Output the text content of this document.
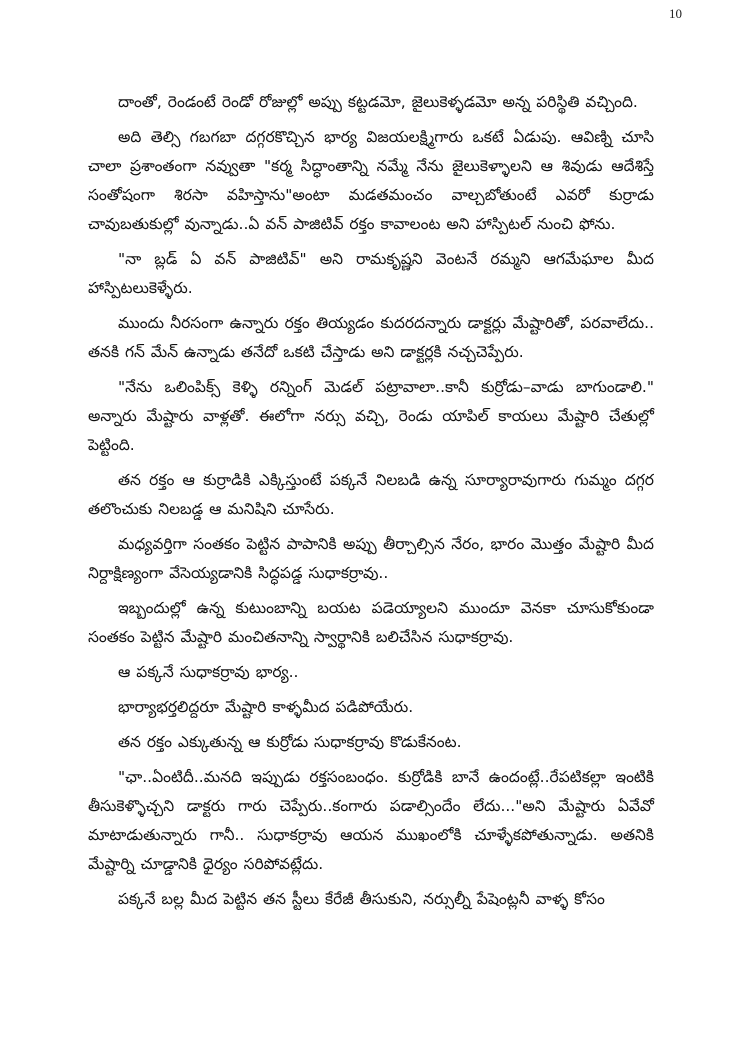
10

దాంతో, రెండంటే రెండో రోజుల్లో అప్పు కట్టడమో, జైలుకెళ్ళడమో అన్న పరిస్థితి వచ్చింది.

అది తెల్సి గబగబా దగ్గరకొచ్చిన భార్య విజయలక్ష్మిగారు ఒకటే ఏడుపు. ఆవిణ్ని చూసి చాలా ప్రశాంతంగా నవ్వుతా "కర్మ సిద్ధాంతాన్ని నమ్మే నేను జైలుకెళ్ళాలని ఆ శివుడు ఆదేశిస్తే సంతోషంగా శిరసా వహిస్తాను"అంటా మడతమంచం వాల్చబోతుంటే ఎవరో కుర్రాడు చావుబతుకుల్లో వున్నాడు..ఏ వన్ పాజిటివ్ రక్తం కావాలంట అని హాస్పిటల్ నుంచి ఫోను.

"నా బ్లడ్ ఏ వన్ పాజిటివ్" అని రామకృష్ణని వెంటనే రమ్మని ఆగమేఘాల మీద హాస్పిటలుకెళ్ళేరు.

ముందు నీరసంగా ఉన్నారు రక్తం తియ్యడం కుదరదన్నారు డాక్టర్లు మేష్టారితో, పరవాలేదు.. తనకి గన్ మేన్ ఉన్నాడు తనేదో ఒకటి చేస్తాడు అని డాక్టర్లకి నచ్చచెప్పేరు.

"నేను ఒలింపిక్స్ కెళ్ళి రన్నింగ్ మెడల్ పట్రావాలా..కానీ కుర్రోడు–వాడు బాగుండాలి." అన్నారు మేష్టారు వాళ్లతో. ఈలోగా నర్సు వచ్చి, రెండు యాపిల్ కాయలు మేష్టారి చేతుల్లో పెట్టింది.

తన రక్తం ఆ కుర్రాడికి ఎక్కిస్తుంటే పక్కనే నిలబడి ఉన్న సూర్యారావుగారు గుమ్మం దగ్గర తలొంచుకు నిలబడ్డ ఆ మనిషిని చూసేరు.

మధ్యవర్తిగా సంతకం పెట్టిన పాపానికి అప్పు తీర్చాల్సిన నేరం, భారం మొత్తం మేష్టారి మీద నిర్దాక్షిణ్యంగా వేసెయ్యడానికి సిద్ధపడ్డ సుధాకర్రావు..

ఇబ్బందుల్లో ఉన్న కుటుంబాన్ని బయట పడెయ్యాలని ముందూ వెనకా చూసుకోకుండా సంతకం పెట్టిన మేష్టారి మంచితనాన్ని స్వార్థానికి బలిచేసిన సుధాకర్రావు.

ఆ పక్కనే సుధాకర్రావు భార్య..

భార్యాభర్తలిద్దరూ మేష్టారి కాళ్ళమీద పడిపోయేరు.

తన రక్తం ఎక్కుతున్న ఆ కుర్రోడు సుధాకర్రావు కొడుకేనంట.

"ఛా..ఏంటిదీ..మనది ఇప్పుడు రక్తసంబంధం. కుర్రోడికి బానే ఉందంట్లే..రేపటికల్లా ఇంటికి తీసుకెళ్ళొచ్చని డాక్టరు గారు చెప్పేరు..కంగారు పడాల్సిందేం లేదు..."అని మేష్టారు ఏవేవో మాటాడుతున్నారు గానీ.. సుధాకర్రావు ఆయన ముఖంలోకి చూళ్ళేకపోతున్నాడు. అతనికి మేష్టార్ని చూడ్డానికి ధైర్యం సరిపోవట్లేదు.

పక్కనే బల్ల మీద పెట్టిన తన స్టీలు కేరేజీ తీసుకుని, నర్సుల్నీ పేషెంట్లనీ వాళ్ళ కోసం
